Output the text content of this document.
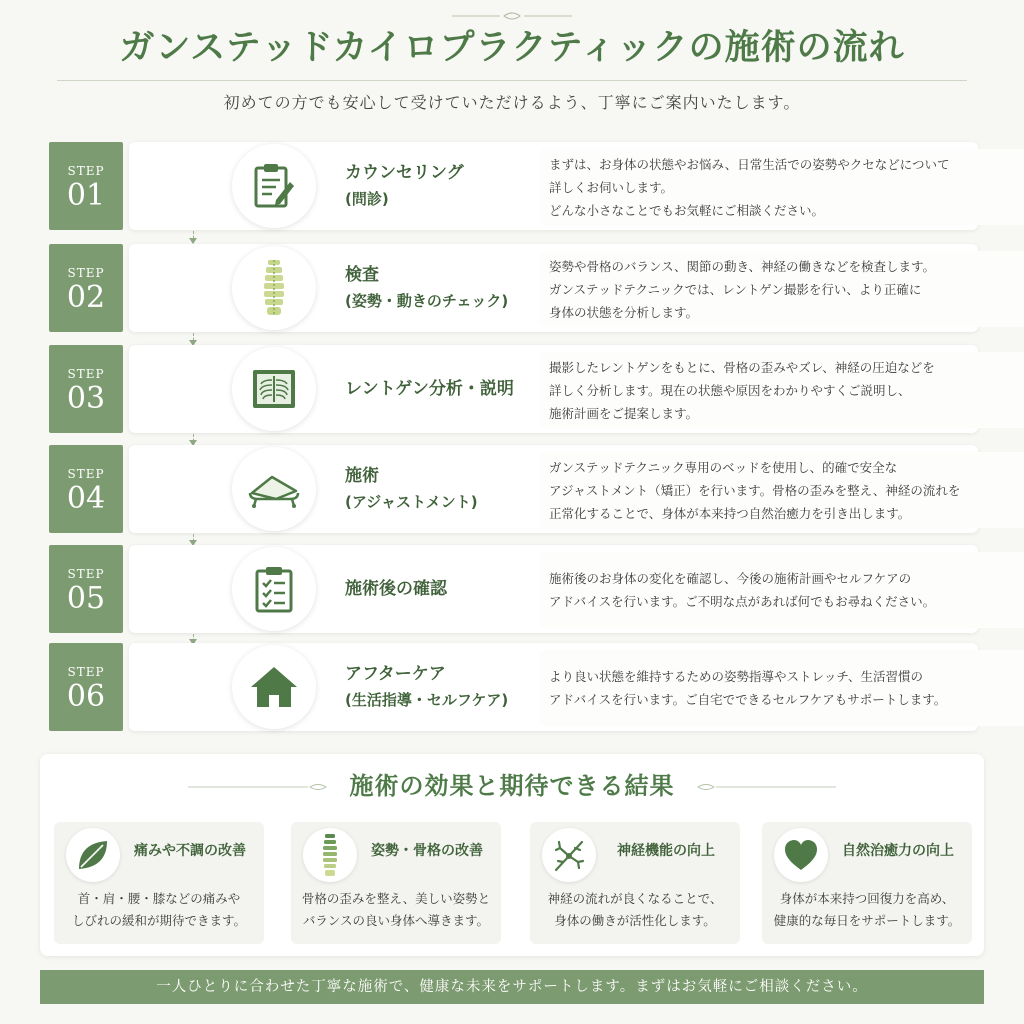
ガンステッドカイロプラクティックの施術の流れ
初めての方でも安心して受けていただけるよう、丁寧にご案内いたします。
STEP
01
カウンセリング
(問診)
まずは、お身体の状態やお悩み、日常生活での姿勢やクセなどについて
詳しくお伺いします。
どんな小さなことでもお気軽にご相談ください。
STEP
02
検査
(姿勢・動きのチェック)
姿勢や骨格のバランス、関節の動き、神経の働きなどを検査します。
ガンステッドテクニックでは、レントゲン撮影を行い、より正確に
身体の状態を分析します。
STEP
03	レントゲン分析・説明
撮影したレントゲンをもとに、骨格の歪みやズレ、神経の圧迫などを
詳しく分析します。現在の状態や原因をわかりやすくご説明し、
施術計画をご提案します。
STEP
04
施術
(アジャストメント)
ガンステッドテクニック専用のベッドを使用し、的確で安全な
アジャストメント（矯正）を行います。骨格の歪みを整え、神経の流れを
正常化することで、身体が本来持つ自然治癒力を引き出します。
STEP
05	施術後の確認
施術後のお身体の変化を確認し、今後の施術計画やセルフケアの
アドバイスを行います。ご不明な点があれば何でもお尋ねください。
STEP
06
アフターケア
(生活指導・セルフケア)
より良い状態を維持するための姿勢指導やストレッチ、生活習慣の
アドバイスを行います。ご自宅でできるセルフケアもサポートします。
施術の効果と期待できる結果
痛みや不調の改善
首・肩・腰・膝などの痛みや
しびれの緩和が期待できます。
姿勢・骨格の改善
骨格の歪みを整え、美しい姿勢と
バランスの良い身体へ導きます。
神経機能の向上
神経の流れが良くなることで、
身体の働きが活性化します。
自然治癒力の向上
身体が本来持つ回復力を高め、
健康的な毎日をサポートします。
一人ひとりに合わせた丁寧な施術で、健康な未来をサポートします。まずはお気軽にご相談ください。
